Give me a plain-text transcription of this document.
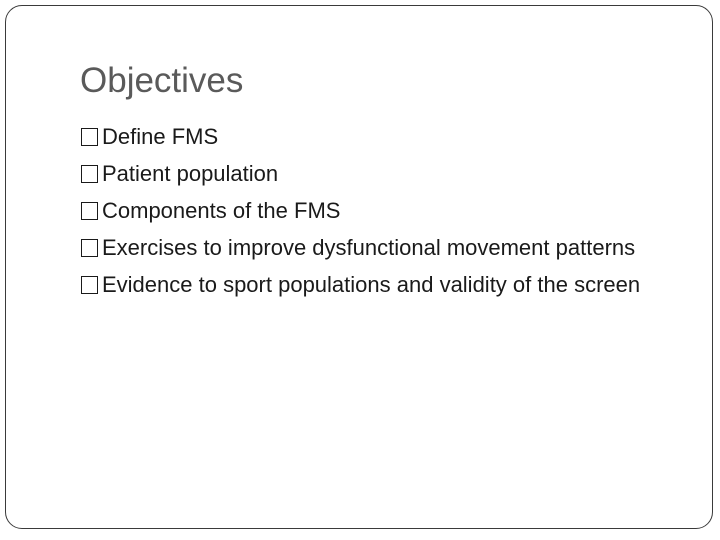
Objectives
Define FMS
Patient population
Components of the FMS
Exercises to improve dysfunctional movement patterns
Evidence to sport populations and validity of the screen
